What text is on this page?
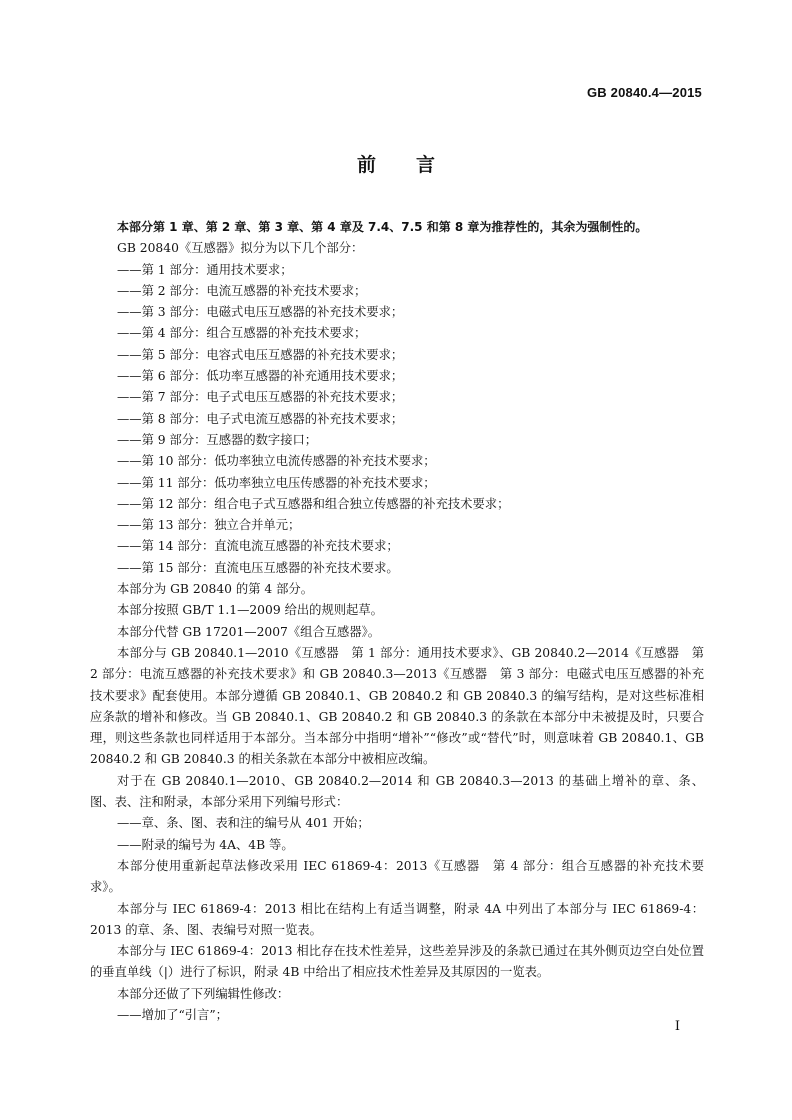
GB 20840.4—2015
前言

本部分第 1 章、第 2 章、第 3 章、第 4 章及 7.4、7.5 和第 8 章为推荐性的，其余为强制性的。

GB 20840《互感器》拟分为以下几个部分：

——第 1 部分：通用技术要求；

——第 2 部分：电流互感器的补充技术要求；

——第 3 部分：电磁式电压互感器的补充技术要求；

——第 4 部分：组合互感器的补充技术要求；

——第 5 部分：电容式电压互感器的补充技术要求；

——第 6 部分：低功率互感器的补充通用技术要求；

——第 7 部分：电子式电压互感器的补充技术要求；

——第 8 部分：电子式电流互感器的补充技术要求；

——第 9 部分：互感器的数字接口；

——第 10 部分：低功率独立电流传感器的补充技术要求；

——第 11 部分：低功率独立电压传感器的补充技术要求；

——第 12 部分：组合电子式互感器和组合独立传感器的补充技术要求；

——第 13 部分：独立合并单元；

——第 14 部分：直流电流互感器的补充技术要求；

——第 15 部分：直流电压互感器的补充技术要求。

本部分为 GB 20840 的第 4 部分。

本部分按照 GB/T 1.1—2009 给出的规则起草。

本部分代替 GB 17201—2007《组合互感器》。

本部分与 GB 20840.1—2010《互感器　第 1 部分：通用技术要求》、GB 20840.2—2014《互感器　第 2 部分：电流互感器的补充技术要求》和 GB 20840.3—2013《互感器　第 3 部分：电磁式电压互感器的补充技术要求》配套使用。本部分遵循 GB 20840.1、GB 20840.2 和 GB 20840.3 的编写结构，是对这些标准相应条款的增补和修改。当 GB 20840.1、GB 20840.2 和 GB 20840.3 的条款在本部分中未被提及时，只要合理，则这些条款也同样适用于本部分。当本部分中指明“增补”“修改”或“替代”时，则意味着 GB 20840.1、GB 20840.2 和 GB 20840.3 的相关条款在本部分中被相应改编。

对于在 GB 20840.1—2010、GB 20840.2—2014 和 GB 20840.3—2013 的基础上增补的章、条、图、表、注和附录，本部分采用下列编号形式：

——章、条、图、表和注的编号从 401 开始；

——附录的编号为 4A、4B 等。

本部分使用重新起草法修改采用 IEC 61869-4：2013《互感器　第 4 部分：组合互感器的补充技术要求》。

本部分与 IEC 61869-4：2013 相比在结构上有适当调整，附录 4A 中列出了本部分与 IEC 61869-4：2013 的章、条、图、表编号对照一览表。

本部分与 IEC 61869-4：2013 相比存在技术性差异，这些差异涉及的条款已通过在其外侧页边空白处位置的垂直单线（|）进行了标识，附录 4B 中给出了相应技术性差异及其原因的一览表。

本部分还做了下列编辑性修改：

——增加了“引言”；

I
